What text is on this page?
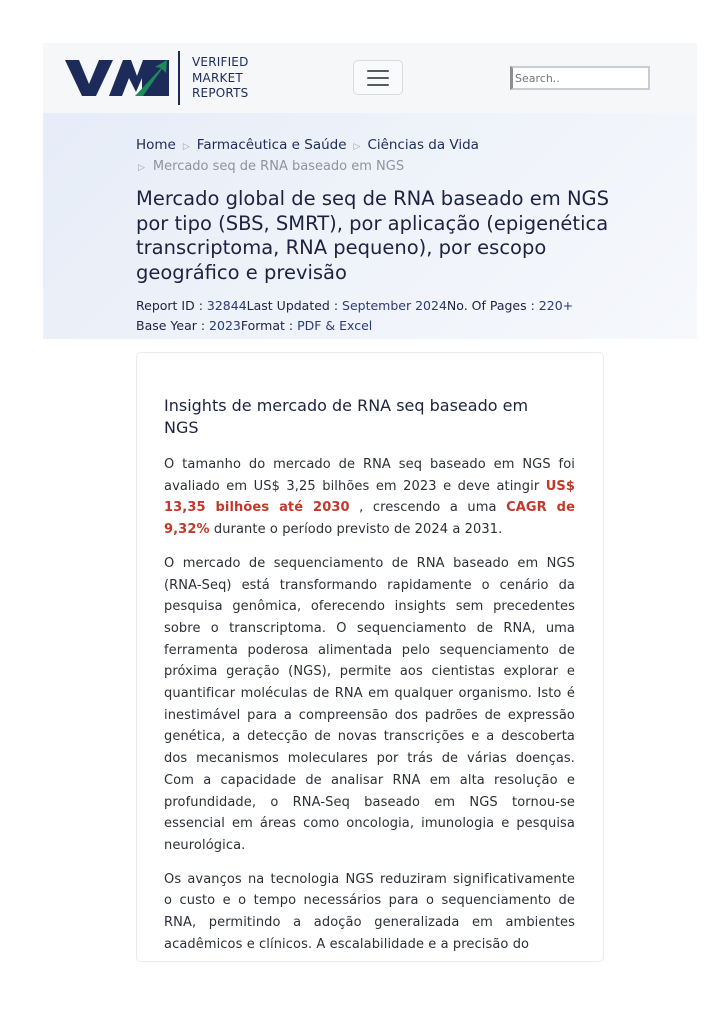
VERIFIED
MARKET
REPORTS
Search..
Home ▷ Farmacêutica e Saúde ▷ Ciências da Vida
▷ Mercado seq de RNA baseado em NGS
Mercado global de seq de RNA baseado em NGS por tipo (SBS, SMRT), por aplicação (epigenética transcriptoma, RNA pequeno), por escopo geográfico e previsão
Report ID : 32844Last Updated : September 2024No. Of Pages : 220+
Base Year : 2023Format : PDF & Excel
Insights de mercado de RNA seq baseado em NGS

O tamanho do mercado de RNA seq baseado em NGS foi avaliado em US$ 3,25 bilhões em 2023 e deve atingir US$ 13,35 bilhões até 2030 , crescendo a uma CAGR de 9,32% durante o período previsto de 2024 a 2031.

O mercado de sequenciamento de RNA baseado em NGS (RNA-Seq) está transformando rapidamente o cenário da pesquisa genômica, oferecendo insights sem precedentes sobre o transcriptoma. O sequenciamento de RNA, uma ferramenta poderosa alimentada pelo sequenciamento de próxima geração (NGS), permite aos cientistas explorar e quantificar moléculas de RNA em qualquer organismo. Isto é inestimável para a compreensão dos padrões de expressão genética, a detecção de novas transcrições e a descoberta dos mecanismos moleculares por trás de várias doenças. Com a capacidade de analisar RNA em alta resolução e profundidade, o RNA-Seq baseado em NGS tornou-se essencial em áreas como oncologia, imunologia e pesquisa neurológica.

Os avanços na tecnologia NGS reduziram significativamente o custo e o tempo necessários para o sequenciamento de RNA, permitindo a adoção generalizada em ambientes acadêmicos e clínicos. A escalabilidade e a precisão do
